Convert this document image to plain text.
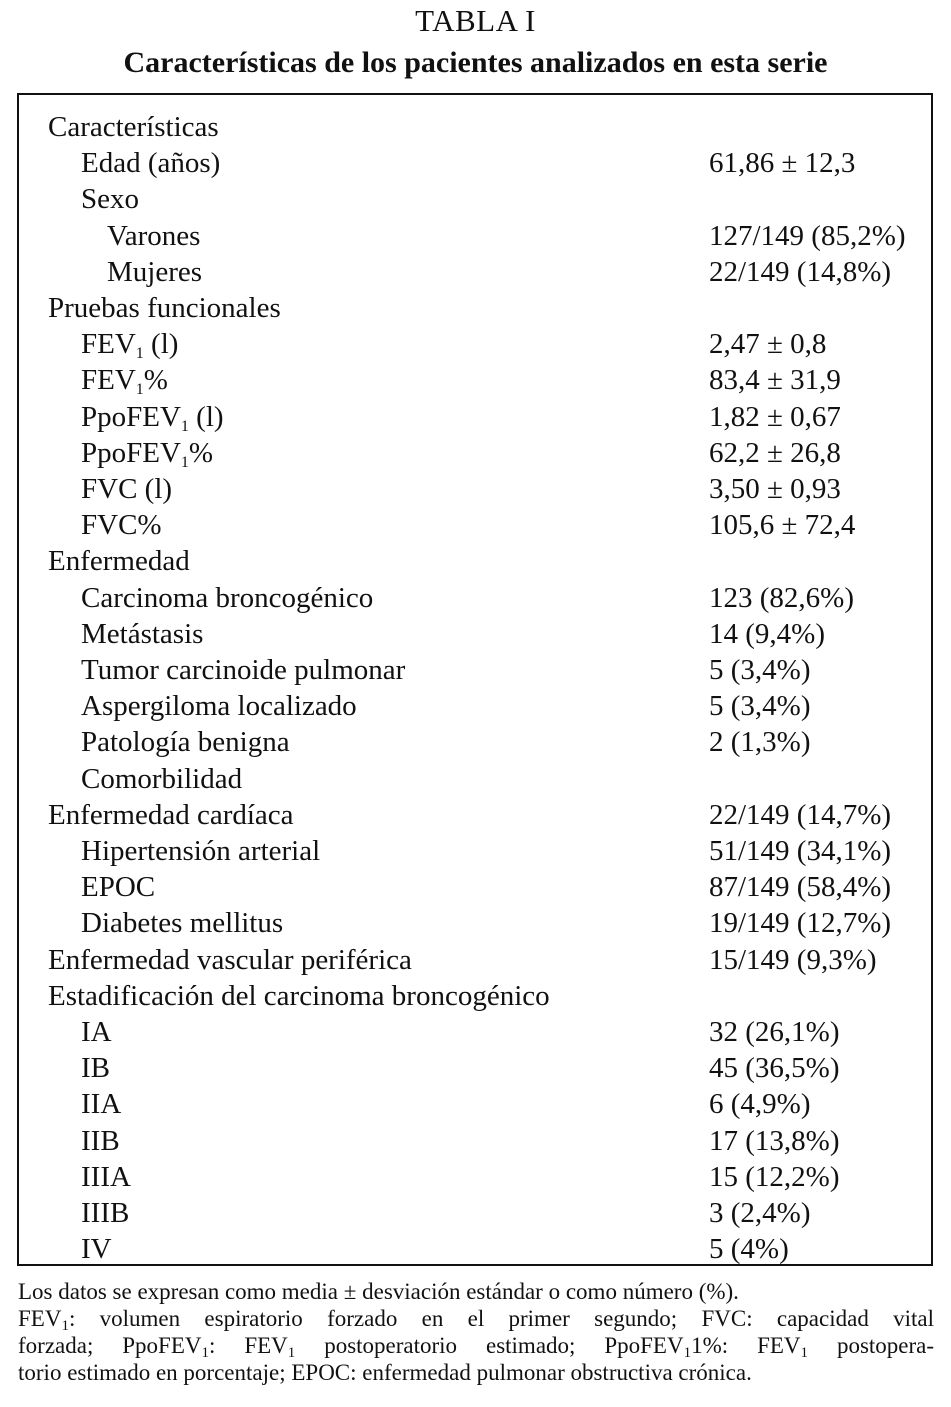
TABLA I
Características de los pacientes analizados en esta serie
Características
Edad (años)	61,86 ± 12,3
Sexo
Varones	127/149 (85,2%)
Mujeres	22/149 (14,8%)
Pruebas funcionales
$FEV_1$ (l)	2,47 ± 0,8
$FEV_1\%$	83,4 ± 31,9
PpoFEV$_1$ (l)	1,82 ± 0,67
PpoFEV$_1$%	62,2 ± 26,8
FVC (l)	3,50 ± 0,93
FVC%	105,6 ± 72,4
Enfermedad
Carcinoma broncogénico	123 (82,6%)
Metástasis	14 (9,4%)
Tumor carcinoide pulmonar	5 (3,4%)
Aspergiloma localizado	5 (3,4%)
Patología benigna	2 (1,3%)
Comorbilidad
Enfermedad cardíaca	22/149 (14,7%)
Hipertensión arterial	51/149 (34,1%)
EPOC	87/149 (58,4%)
Diabetes mellitus	19/149 (12,7%)
Enfermedad vascular periférica	15/149 (9,3%)
Estadificación del carcinoma broncogénico
IA	32 (26,1%)
IB	45 (36,5%)
IIA	6 (4,9%)
IIB	17 (13,8%)
IIIA	15 (12,2%)
IIIB	3 (2,4%)
IV	5 (4%)
Los datos se expresan como media ± desviación estándar o como número (%).
$FEV_1$: volumen espiratorio forzado en el primer segundo; FVC: capacidad vital
forzada; PpoFEV$_1$: $FEV_1$ postoperatorio estimado; PpoFEV$_1$1%: $FEV_1$ postopera-
torio estimado en porcentaje; EPOC: enfermedad pulmonar obstructiva crónica.
